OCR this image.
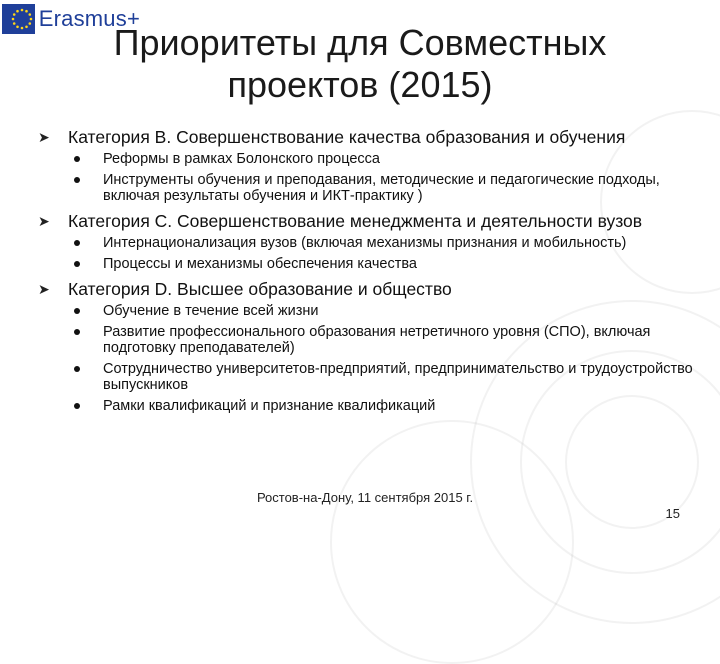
Erasmus+
Приоритеты для Совместных
проектов (2015)
➤ Категория B. Совершенствование качества образования и обучения
Реформы в рамках Болонского процесса
Инструменты обучения и преподавания, методические и педагогические подходы, включая результаты обучения и ИКТ-практику )
➤ Категория C. Совершенствование менеджмента и деятельности вузов
Интернационализация вузов (включая механизмы признания и мобильность)
Процессы и механизмы обеспечения качества
➤ Категория D. Высшее образование и общество
Обучение в течение всей жизни
Развитие профессионального образования нетретичного уровня (СПО), включая подготовку преподавателей)
Сотрудничество университетов-предприятий, предпринимательство и трудоустройство выпускников
Рамки квалификаций и признание квалификаций
Ростов-на-Дону, 11 сентября 2015 г.
15
